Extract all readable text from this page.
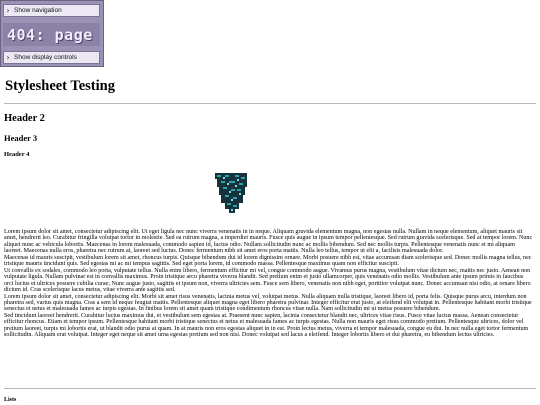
› Show navigation
404: page
› Show display controls
Stylesheet Testing
Header 2
Header 3
Header 4

Lorem ipsum dolor sit amet, consectetur adipiscing elit. Ut eget ligula nec nunc viverra venenatis in in neque. Aliquam gravida elementum magna, non egestas nulla. Nullam in neque elementum, aliquet mauris sit amet, hendrerit leo. Curabitur fringilla volutpat tortor in molestie. Sed ea rutrum magna, a imperdiet mauris. Fusce quis augue in ipsum tempor pellentesque. Sed rutrum gravida scelerisque. Sed at tempor lorem. Nunc aliquet nunc ac vehicula lobortis. Maecenas in lorem malesuada, commodo sapien id, luctus odio. Nullam sollicitudin nunc ac mollis bibendum. Sed nec mollis turpis. Pellentesque venenatis nunc et mi aliquam laoreet. Maecenas nulla eros, pharetra nec rutrum at, laoreet sed luctus. Donec fermentum nibh sit amet eros porta mattis. Nulla leo tellus, tempor ut elit a, facilisis malesuada dolor.

Maecenas id mauris suscipit, vestibulum lorem sit amet, rhoncus turpis. Quisque bibendum dui id lorem dignissim ornare. Morbi posuere nibh est, vitae accumsan diam scelerisque sed. Donec mollis magna tellus, nec tristique mauris tincidunt quis. Sed egestas mi ac mi tempus sagittis. Sed eget porta lorem, id commodo massa. Pellentesque maximus quam non efficitur suscipit.

Ut convallis ex sodales, commodo leo porta, vulputate tellus. Nulla enim libero, fermentum efficitur mi vel, congue commodo augue. Vivamus purus magna, vestibulum vitae dictum nec, mattis nec justo. Aenean non vulputate ligula. Nullam pulvinar est in convallis maximus. Proin tristique arcu pharetra viverra blandit. Sed pretium enim et justo ullamcorper, quis venenatis odio mollis. Vestibulum ante ipsum primis in faucibus orci luctus et ultrices posuere cubilia curae; Nunc augue justo, sagittis et ipsum non, viverra ultricies sem. Fusce sem libero, venenatis non nibh eget, porttitor volutpat nunc. Donec accumsan nisi odio, at ornare libero dictum id. Cras scelerisque lacus metus, vitae viverra ante sagittis sed.

Lorem ipsum dolor sit amet, consectetur adipiscing elit. Morbi sit amet risus venenatis, lacinia metus vel, volutpat metus. Nulla aliquam nulla tristique, laoreet libero id, porta felis. Quisque purus arcu, interdum non pharetra sed, varius quis magna. Cras a sem id neque feugiat mattis. Pellentesque aliquet magna eget libero pharetra pulvinar. Integer efficitur erat justo, at eleifend elit volutpat in. Pellentesque habitant morbi tristique senectus et netus et malesuada fames ac turpis egestas. In finibus lorem sit amet quam tristique condimentum rhoncus vitae nulla. Nam sollicitudin mi ut metus posuere bibendum.

Sed tincidunt laoreet hendrerit. Curabitur luctus maximus dui, et vestibulum sem egestas at. Praesent nunc sapien, lacinia consectetur blandit nec, ultrices vitae risus. Fusce vitae luctus massa. Aenean consectetur efficitur rhoncus. Etiam et tempor ipsum. Pellentesque habitant morbi tristique senectus et netus et malesuada fames ac turpis egestas. Nulla non mauris eget risus commodo pretium. Pellentesque ultrices, dolor vel pretium laoreet, turpis mi lobortis erat, ut blandit odio purus at quam. In at mauris non eros egestas aliquet in in est. Proin lectus metus, viverra et tempor malesuada, congue eu dui. In nec nulla eget tortor fermentum sollicitudin. Aliquam erat volutpat. Integer eget neque sit amet urna egestas pretium sed non nisi. Donec volutpat sed lacus a eleifend. Integer lobortis libero et dui pharetra, eu bibendum lectus ultricies.

Lists
